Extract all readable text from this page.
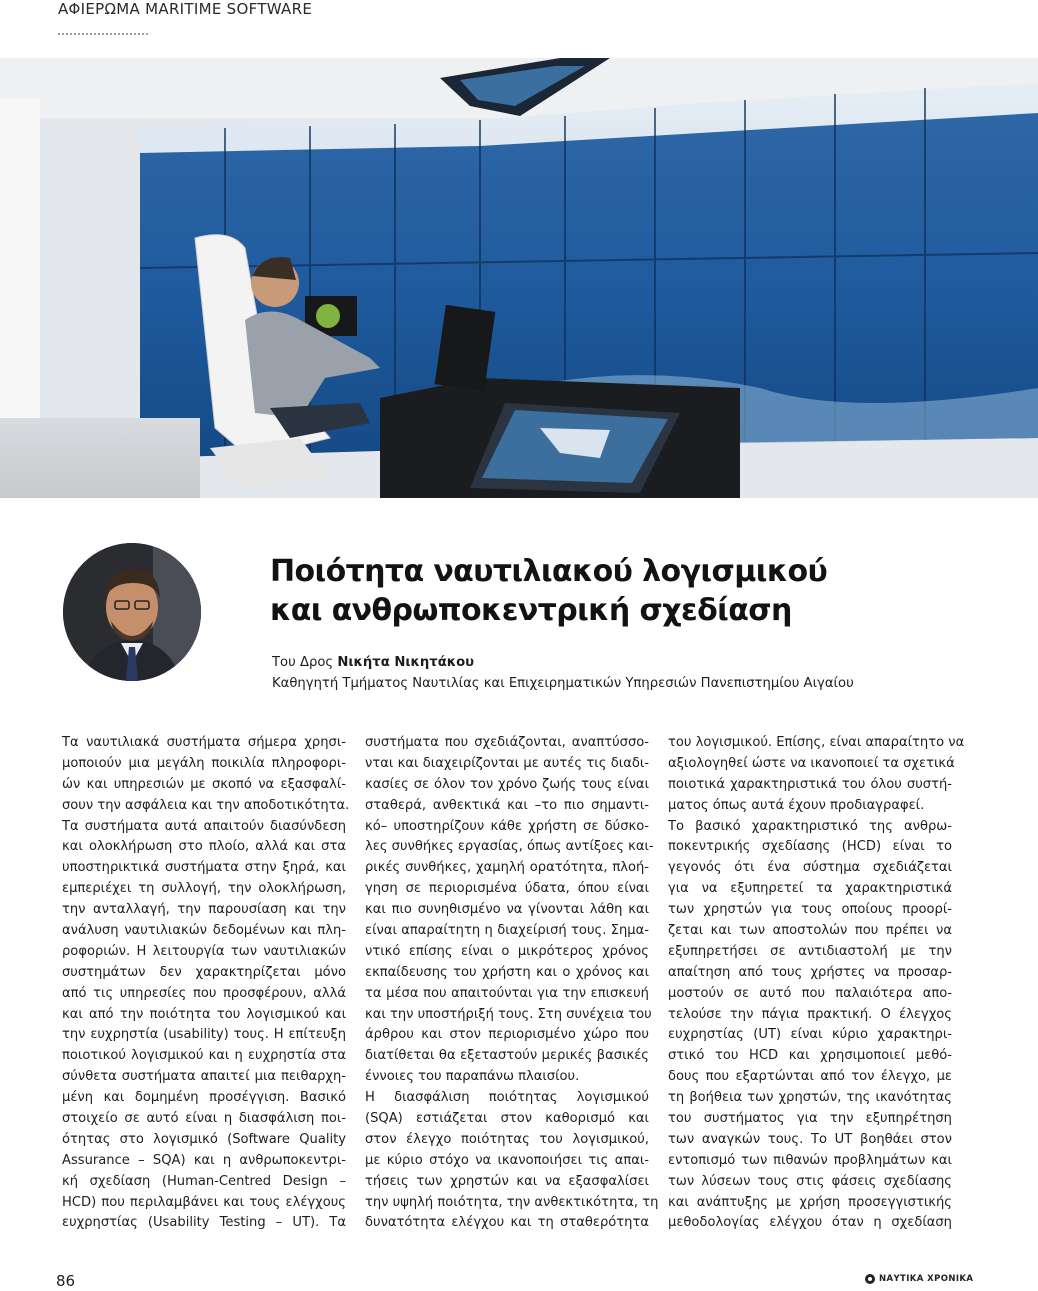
ΑΦΙΕΡΩΜΑ MARITIME SOFTWARE
Ποιότητα ναυτιλιακού λογισμικού
και ανθρωποκεντρική σχεδίαση
Του Δρος Νικήτα Νικητάκου
Καθηγητή Τμήματος Ναυτιλίας και Επιχειρηματικών Υπηρεσιών Πανεπιστημίου Αιγαίου
Τα ναυτιλιακά συστήματα σήμερα χρησι-
μοποιούν μια μεγάλη ποικιλία πληροφορι-
ών και υπηρεσιών με σκοπό να εξασφαλί-
σουν την ασφάλεια και την αποδοτικότητα.
Τα συστήματα αυτά απαιτούν διασύνδεση
και ολοκλήρωση στο πλοίο, αλλά και στα
υποστηρικτικά συστήματα στην ξηρά, και
εμπεριέχει τη συλλογή, την ολοκλήρωση,
την ανταλλαγή, την παρουσίαση και την
ανάλυση ναυτιλιακών δεδομένων και πλη-
ροφοριών. Η λειτουργία των ναυτιλιακών
συστημάτων δεν χαρακτηρίζεται μόνο
από τις υπηρεσίες που προσφέρουν, αλλά
και από την ποιότητα του λογισμικού και
την ευχρηστία (usability) τους. Η επίτευξη
ποιοτικού λογισμικού και η ευχρηστία στα
σύνθετα συστήματα απαιτεί μια πειθαρχη-
μένη και δομημένη προσέγγιση. Βασικό
στοιχείο σε αυτό είναι η διασφάλιση ποι-
ότητας στο λογισμικό (Software Quality
Assurance – SQA) και η ανθρωποκεντρι-
κή σχεδίαση (Human-Centred Design –
HCD) που περιλαμβάνει και τους ελέγχους
ευχρηστίας (Usability Testing – UT). Τα
συστήματα που σχεδιάζονται, αναπτύσσο-
νται και διαχειρίζονται με αυτές τις διαδι-
κασίες σε όλον τον χρόνο ζωής τους είναι
σταθερά, ανθεκτικά και –το πιο σημαντι-
κό– υποστηρίζουν κάθε χρήστη σε δύσκο-
λες συνθήκες εργασίας, όπως αντίξοες και-
ρικές συνθήκες, χαμηλή ορατότητα, πλοή-
γηση σε περιορισμένα ύδατα, όπου είναι
και πιο συνηθισμένο να γίνονται λάθη και
είναι απαραίτητη η διαχείρισή τους. Σημα-
ντικό επίσης είναι ο μικρότερος χρόνος
εκπαίδευσης του χρήστη και ο χρόνος και
τα μέσα που απαιτούνται για την επισκευή
και την υποστήριξή τους. Στη συνέχεια του
άρθρου και στον περιορισμένο χώρο που
διατίθεται θα εξεταστούν μερικές βασικές
έννοιες του παραπάνω πλαισίου.
Η διασφάλιση ποιότητας λογισμικού
(SQA) εστιάζεται στον καθορισμό και
στον έλεγχο ποιότητας του λογισμικού,
με κύριο στόχο να ικανοποιήσει τις απαι-
τήσεις των χρηστών και να εξασφαλίσει
την υψηλή ποιότητα, την ανθεκτικότητα, τη
δυνατότητα ελέγχου και τη σταθερότητα
του λογισμικού. Επίσης, είναι απαραίτητο να
αξιολογηθεί ώστε να ικανοποιεί τα σχετικά
ποιοτικά χαρακτηριστικά του όλου συστή-
ματος όπως αυτά έχουν προδιαγραφεί.
Το βασικό χαρακτηριστικό της ανθρω-
ποκεντρικής σχεδίασης (HCD) είναι το
γεγονός ότι ένα σύστημα σχεδιάζεται
για να εξυπηρετεί τα χαρακτηριστικά
των χρηστών για τους οποίους προορί-
ζεται και των αποστολών που πρέπει να
εξυπηρετήσει σε αντιδιαστολή με την
απαίτηση από τους χρήστες να προσαρ-
μοστούν σε αυτό που παλαιότερα απο-
τελούσε την πάγια πρακτική. Ο έλεγχος
ευχρηστίας (UT) είναι κύριο χαρακτηρι-
στικό του HCD και χρησιμοποιεί μεθό-
δους που εξαρτώνται από τον έλεγχο, με
τη βοήθεια των χρηστών, της ικανότητας
του συστήματος για την εξυπηρέτηση
των αναγκών τους. Το UT βοηθάει στον
εντοπισμό των πιθανών προβλημάτων και
των λύσεων τους στις φάσεις σχεδίασης
και ανάπτυξης με χρήση προσεγγιστικής
μεθοδολογίας ελέγχου όταν η σχεδίαση
86	ΝΑΥΤΙΚΑ ΧΡΟΝΙΚΑ
